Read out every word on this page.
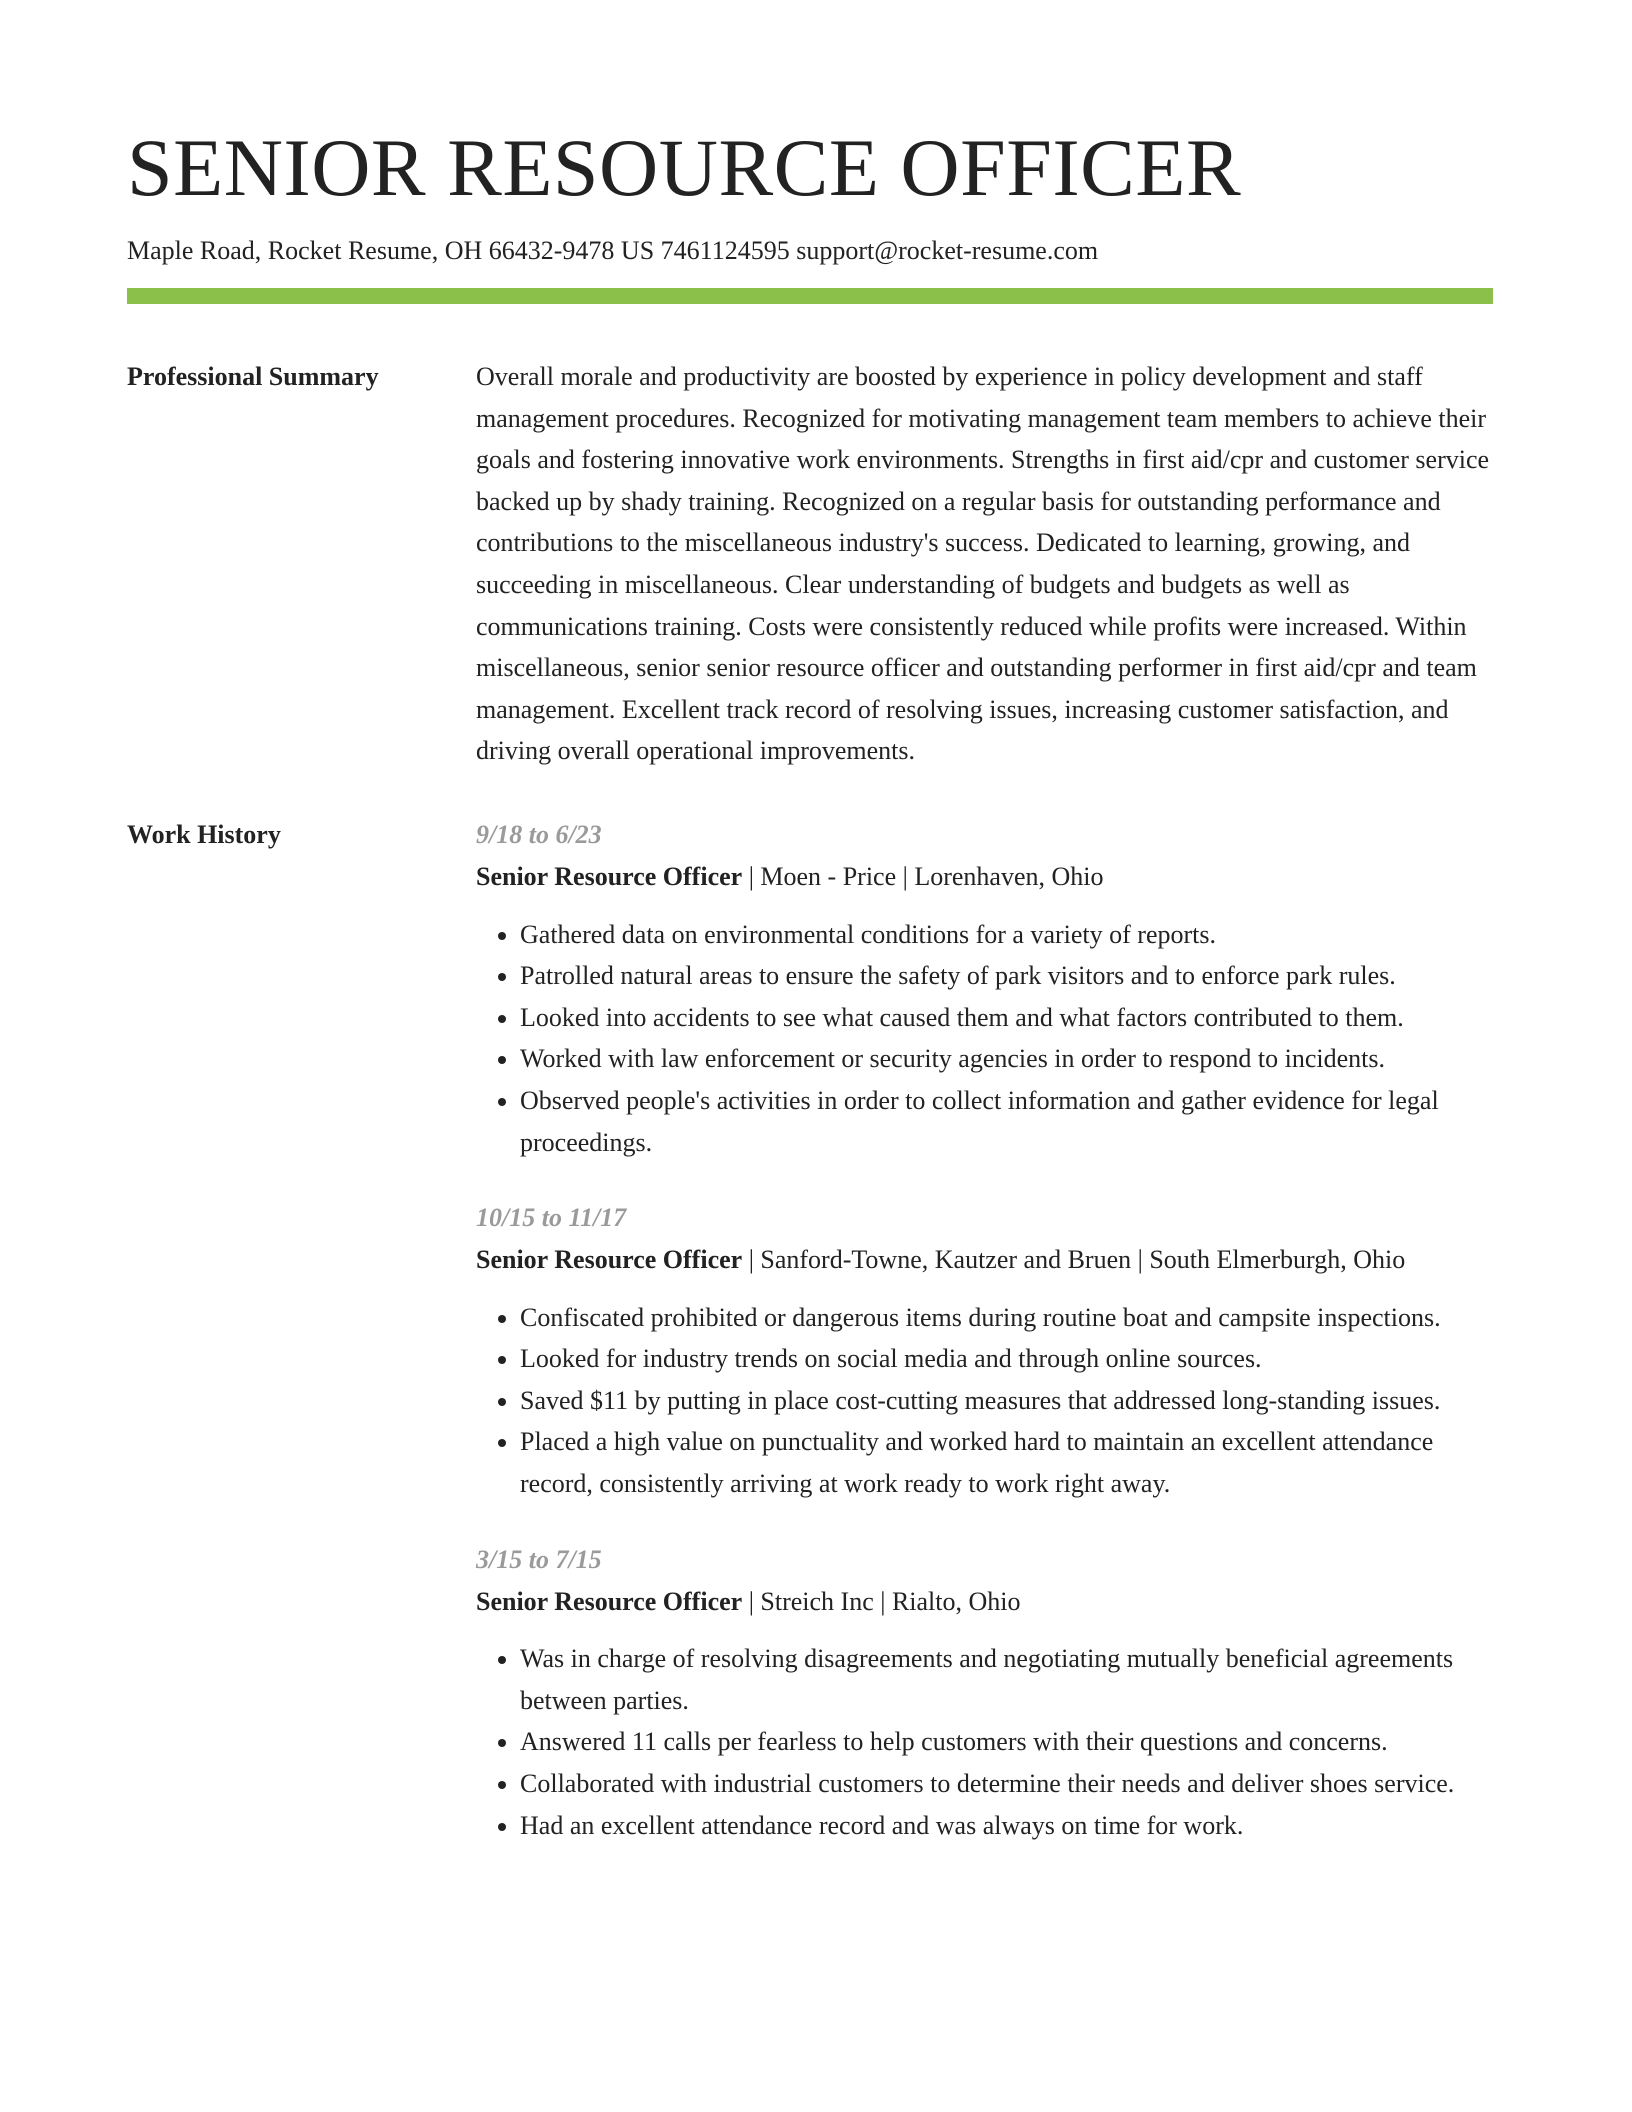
SENIOR RESOURCE OFFICER
Maple Road, Rocket Resume, OH 66432-9478 US 7461124595 support@rocket-resume.com
Professional Summary	Overall morale and productivity are boosted by experience in policy development and staff management procedures. Recognized for motivating management team members to achieve their goals and fostering innovative work environments. Strengths in first aid/cpr and customer service backed up by shady training. Recognized on a regular basis for outstanding performance and contributions to the miscellaneous industry's success. Dedicated to learning, growing, and succeeding in miscellaneous. Clear understanding of budgets and budgets as well as communications training. Costs were consistently reduced while profits were increased. Within miscellaneous, senior senior resource officer and outstanding performer in first aid/cpr and team management. Excellent track record of resolving issues, increasing customer satisfaction, and driving overall operational improvements.

Work History	9/18 to 6/23

Senior Resource Officer | Moen - Price | Lorenhaven, Ohio

• Gathered data on environmental conditions for a variety of reports.
• Patrolled natural areas to ensure the safety of park visitors and to enforce park rules.
• Looked into accidents to see what caused them and what factors contributed to them.
• Worked with law enforcement or security agencies in order to respond to incidents.
• Observed people's activities in order to collect information and gather evidence for legal proceedings.
10/15 to 11/17

Senior Resource Officer | Sanford-Towne, Kautzer and Bruen | South Elmerburgh, Ohio

• Confiscated prohibited or dangerous items during routine boat and campsite inspections.
• Looked for industry trends on social media and through online sources.
• Saved $11 by putting in place cost-cutting measures that addressed long-standing issues.
• Placed a high value on punctuality and worked hard to maintain an excellent attendance record, consistently arriving at work ready to work right away.
3/15 to 7/15

Senior Resource Officer | Streich Inc | Rialto, Ohio

• Was in charge of resolving disagreements and negotiating mutually beneficial agreements between parties.
• Answered 11 calls per fearless to help customers with their questions and concerns.
• Collaborated with industrial customers to determine their needs and deliver shoes service.
• Had an excellent attendance record and was always on time for work.
